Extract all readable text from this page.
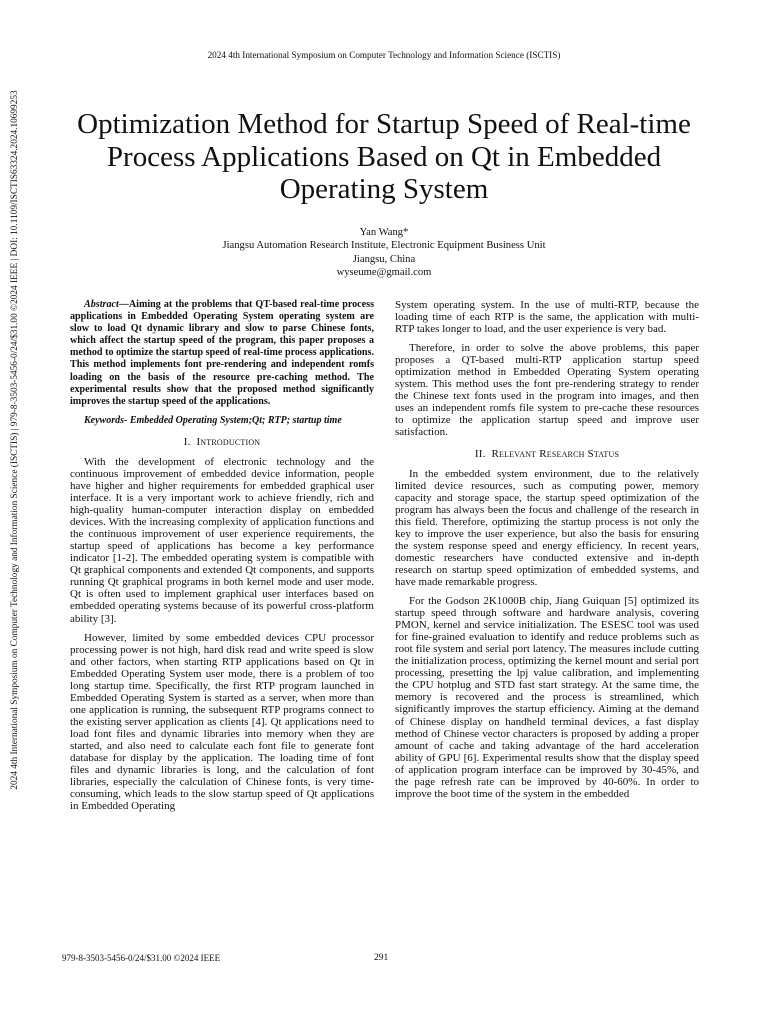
2024 4th International Symposium on Computer Technology and Information Science (ISCTIS)
2024 4th International Symposium on Computer Technology and Information Science (ISCTIS) | 979-8-3503-5456-0/24/$31.00 ©2024 IEEE | DOI: 10.1109/ISCTIS63324.2024.10699253	Optimization Method for Startup Speed of Real-time
Process Applications Based on Qt in Embedded
Operating System
Yan Wang*
Jiangsu Automation Research Institute, Electronic Equipment Business Unit
Jiangsu, China
wyseume@gmail.com

Abstract—Aiming at the problems that QT-based real-time process applications in Embedded Operating System operating system are slow to load Qt dynamic library and slow to parse Chinese fonts, which affect the startup speed of the program, this paper proposes a method to optimize the startup speed of real-time process applications. This method implements font pre-rendering and independent romfs loading on the basis of the resource pre-caching method. The experimental results show that the proposed method significantly improves the startup speed of the applications.

Keywords- Embedded Operating System;Qt; RTP; startup time

I. Introduction

With the development of electronic technology and the continuous improvement of embedded device information, people have higher and higher requirements for embedded graphical user interface. It is a very important work to achieve friendly, rich and high-quality human-computer interaction display on embedded devices. With the increasing complexity of application functions and the continuous improvement of user experience requirements, the startup speed of applications has become a key performance indicator [1-2]. The embedded operating system is compatible with Qt graphical components and extended Qt components, and supports running Qt graphical programs in both kernel mode and user mode. Qt is often used to implement graphical user interfaces based on embedded operating systems because of its powerful cross-platform ability [3].

However, limited by some embedded devices CPU processor processing power is not high, hard disk read and write speed is slow and other factors, when starting RTP applications based on Qt in Embedded Operating System user mode, there is a problem of too long startup time. Specifically, the first RTP program launched in Embedded Operating System is started as a server, when more than one application is running, the subsequent RTP programs connect to the existing server application as clients [4]. Qt applications need to load font files and dynamic libraries into memory when they are started, and also need to calculate each font file to generate font database for display by the application. The loading time of font files and dynamic libraries is long, and the calculation of font libraries, especially the calculation of Chinese fonts, is very time-consuming, which leads to the slow startup speed of Qt applications in Embedded Operating

System operating system. In the use of multi-RTP, because the loading time of each RTP is the same, the application with multi-RTP takes longer to load, and the user experience is very bad.

Therefore, in order to solve the above problems, this paper proposes a QT-based multi-RTP application startup speed optimization method in Embedded Operating System operating system. This method uses the font pre-rendering strategy to render the Chinese text fonts used in the program into images, and then uses an independent romfs file system to pre-cache these resources to optimize the application startup speed and improve user satisfaction.

II. Relevant Research Status

In the embedded system environment, due to the relatively limited device resources, such as computing power, memory capacity and storage space, the startup speed optimization of the program has always been the focus and challenge of the research in this field. Therefore, optimizing the startup process is not only the key to improve the user experience, but also the basis for ensuring the system response speed and energy efficiency. In recent years, domestic researchers have conducted extensive and in-depth research on startup speed optimization of embedded systems, and have made remarkable progress.

For the Godson 2K1000B chip, Jiang Guiquan [5] optimized its startup speed through software and hardware analysis, covering PMON, kernel and service initialization. The ESESC tool was used for fine-grained evaluation to identify and reduce problems such as root file system and serial port latency. The measures include cutting the initialization process, optimizing the kernel mount and serial port processing, presetting the lpj value calibration, and implementing the CPU hotplug and STD fast start strategy. At the same time, the memory is recovered and the process is streamlined, which significantly improves the startup efficiency. Aiming at the demand of Chinese display on handheld terminal devices, a fast display method of Chinese vector characters is proposed by adding a proper amount of cache and taking advantage of the hard acceleration ability of GPU [6]. Experimental results show that the display speed of application program interface can be improved by 30-45%, and the page refresh rate can be improved by 40-60%. In order to improve the boot time of the system in the embedded

979-8-3503-5456-0/24/$31.00 ©2024 IEEE	291
